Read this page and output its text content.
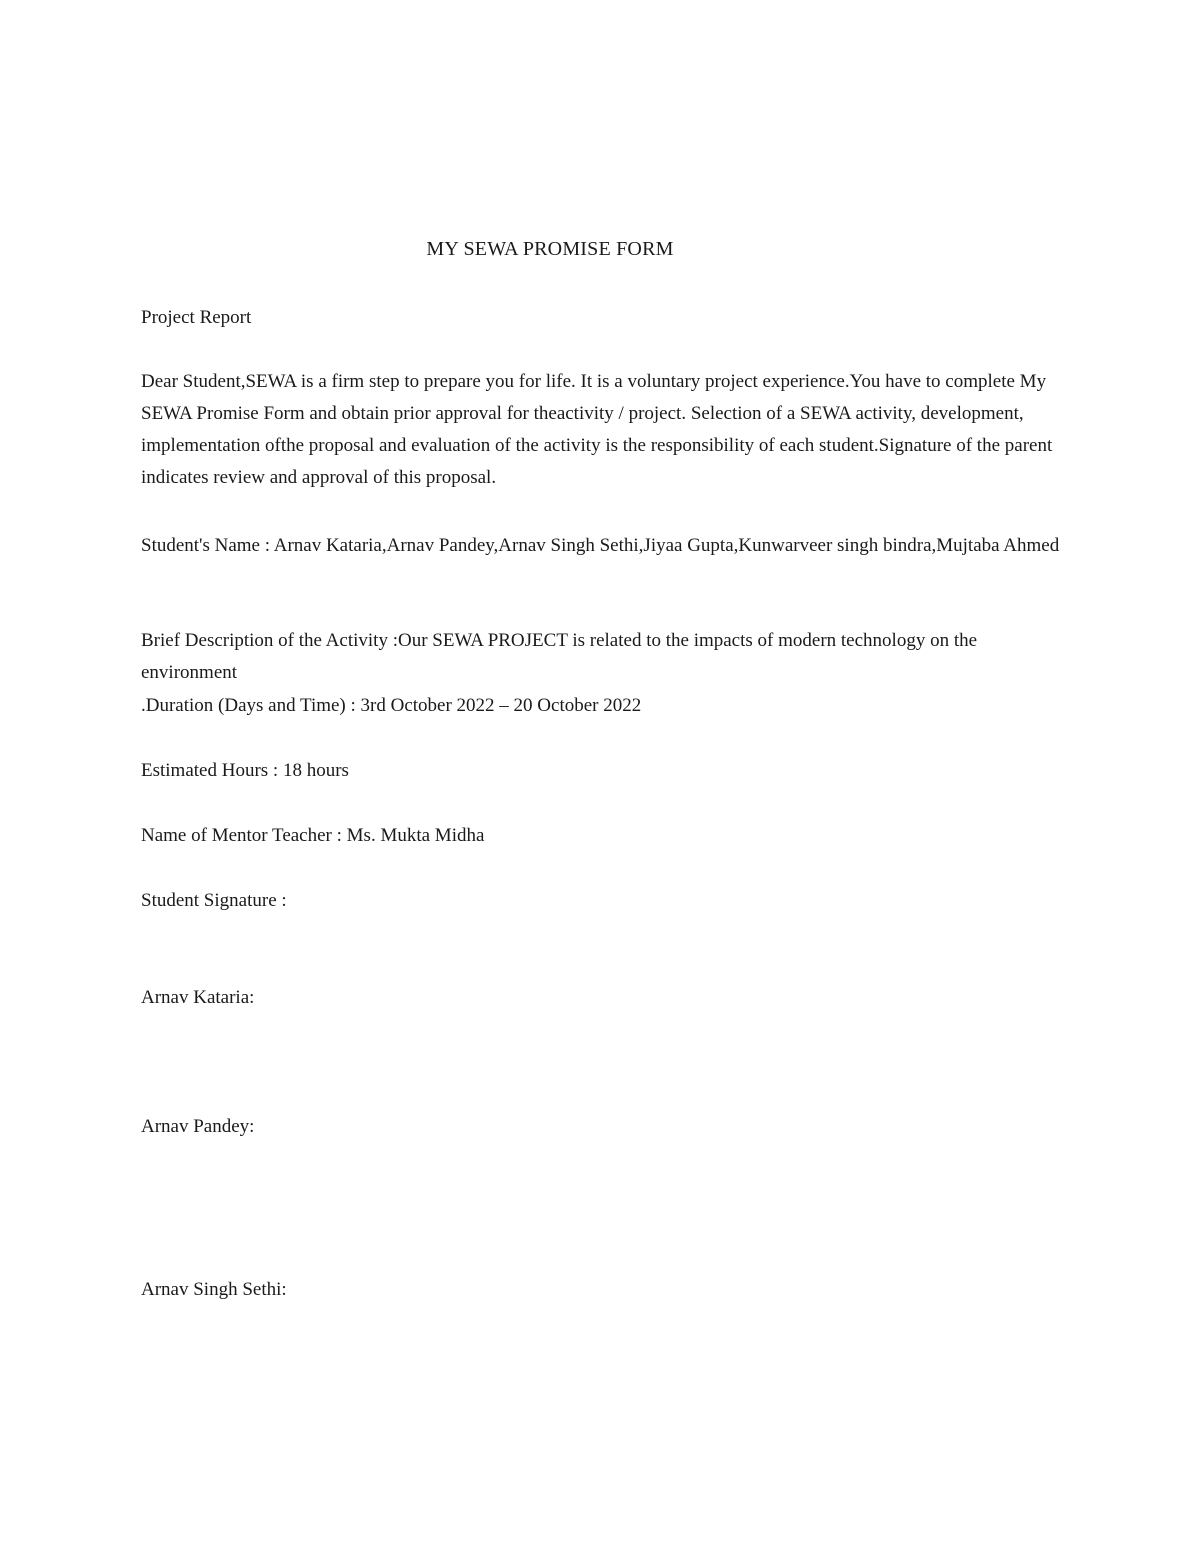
MY SEWA PROMISE FORM
Project Report
Dear Student,SEWA is a firm step to prepare you for life. It is a voluntary project experience.You have to complete My SEWA Promise Form and obtain prior approval for theactivity / project. Selection of a SEWA activity, development, implementation ofthe proposal and evaluation of the activity is the responsibility of each student.Signature of the parent indicates review and approval of this proposal.
Student's Name : Arnav Kataria,Arnav Pandey,Arnav Singh Sethi,Jiyaa Gupta,Kunwarveer singh bindra,Mujtaba Ahmed
Brief Description of the Activity :Our SEWA PROJECT is related to the impacts of modern technology on the environment
.Duration (Days and Time) : 3rd October 2022 – 20 October 2022
Estimated Hours : 18 hours
Name of Mentor Teacher : Ms. Mukta Midha
Student Signature :
Arnav Kataria:
Arnav Pandey:
Arnav Singh Sethi:
